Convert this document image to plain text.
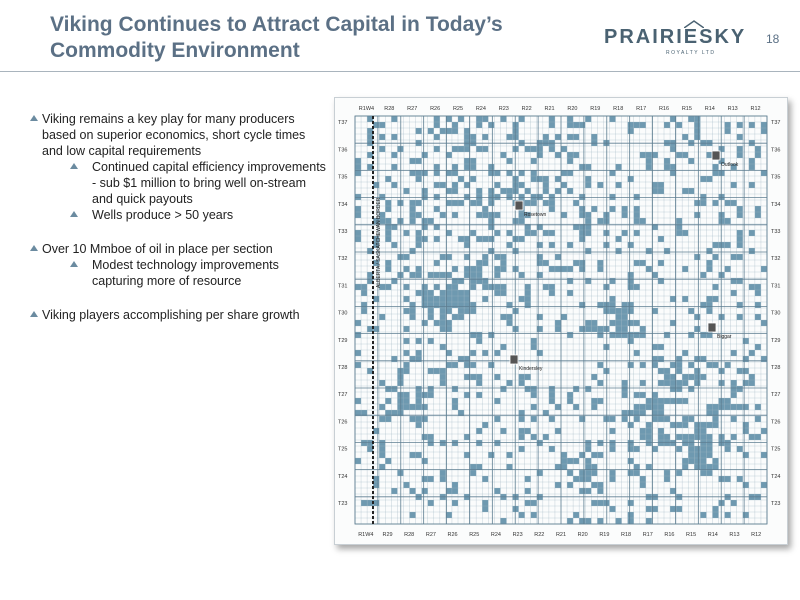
Viking Continues to Attract Capital in Today’s
Commodity Environment
PRAIRIESKY
ROYALTY LTD
18

Viking remains a key play for many producers based on superior economics, short cycle times and low capital requirements

Continued capital efficiency improvements - sub $1 million to bring well on-stream and quick payouts

Wells produce > 50 years

Over 10 Mmboe of oil in place per section

Modest technology improvements capturing more of resource

Viking players accomplishing per share growth

ALBERTA / SASKATCHEWAN BORDER
R1W4 R28 R27 R26 R25 R24 R23 R22 R21 R20 R19 R18 R17 R16 R15 R14 R13 R12
R1W4 R29 R28 R27 R26 R25 R24 R23 R22 R21 R20 R19 R18 R17 R16 R15 R14 R13 R12
T37
T36
T35
T34
T33
T32
T31
T30
T29
T28
T27
T26
T25
T24
T23
T37
T36
T35
T34
T33
T32
T31
T30
T29
T28
T27
T26
T25
T24
T23
Kindersley
Rosetown
Outlook
Biggar
